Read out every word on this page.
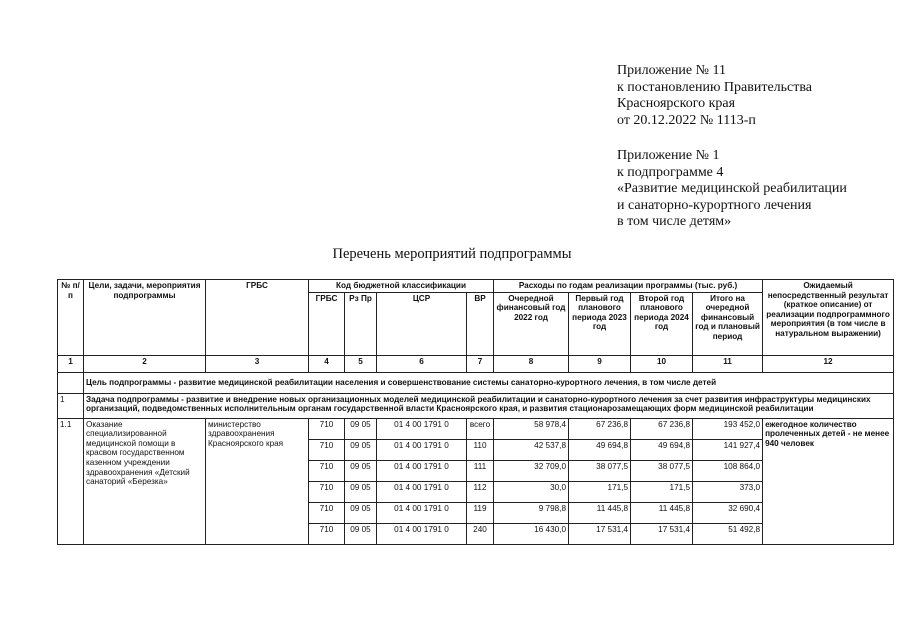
Приложение № 11
к постановлению Правительства
Красноярского края
от 20.12.2022 № 1113-п
Приложение № 1
к подпрограмме 4
«Развитие медицинской реабилитации
и санаторно-курортного лечения
в том числе детям»
Перечень мероприятий подпрограммы
№ п/п	Цели, задачи, мероприятия подпрограммы	ГРБС	Код бюджетной классификации				Расходы по годам реализации программы (тыс. руб.)				Ожидаемый непосредственный результат (краткое описание) от реализации подпрограммного мероприятия (в том числе в натуральном выражении)
			ГРБС	Рз Пр	ЦСР	ВР	Очередной финансовый год 2022 год	Первый год планового периода 2023 год	Второй год планового периода 2024 год	Итого на очередной финансовый год и плановый период	
1	2	3	4	5	6	7	8	9	10	11	12
	Цель подпрограммы - развитие медицинской реабилитации населения и совершенствование системы санаторно-курортного лечения, в том числе детей										
1	Задача подпрограммы - развитие и внедрение новых организационных моделей медицинской реабилитации и санаторно-курортного лечения за счет развития инфраструктуры медицинских организаций, подведомственных исполнительным органам государственной власти Красноярского края, и развития стационарозамещающих форм медицинской реабилитации										
1.1	Оказание специализированной медицинской помощи в красвом государственном казенном учреждении здравоохранения «Детский санаторий «Березка»	министерство здравоохранения Красноярского края	710	09 05	01 4 00 1791 0	всего	58 978,4	67 236,8	67 236,8	193 452,0	ежегодное количество пролеченных детей - не менее 940 человек
			710	09 05	01 4 00 1791 0	110	42 537,8	49 694,8	49 694,8	141 927,4	
			710	09 05	01 4 00 1791 0	111	32 709,0	38 077,5	38 077,5	108 864,0	
			710	09 05	01 4 00 1791 0	112	30,0	171,5	171,5	373,0	
			710	09 05	01 4 00 1791 0	119	9 798,8	11 445,8	11 445,8	32 690,4	
			710	09 05	01 4 00 1791 0	240	16 430,0	17 531,4	17 531,4	51 492,8	
